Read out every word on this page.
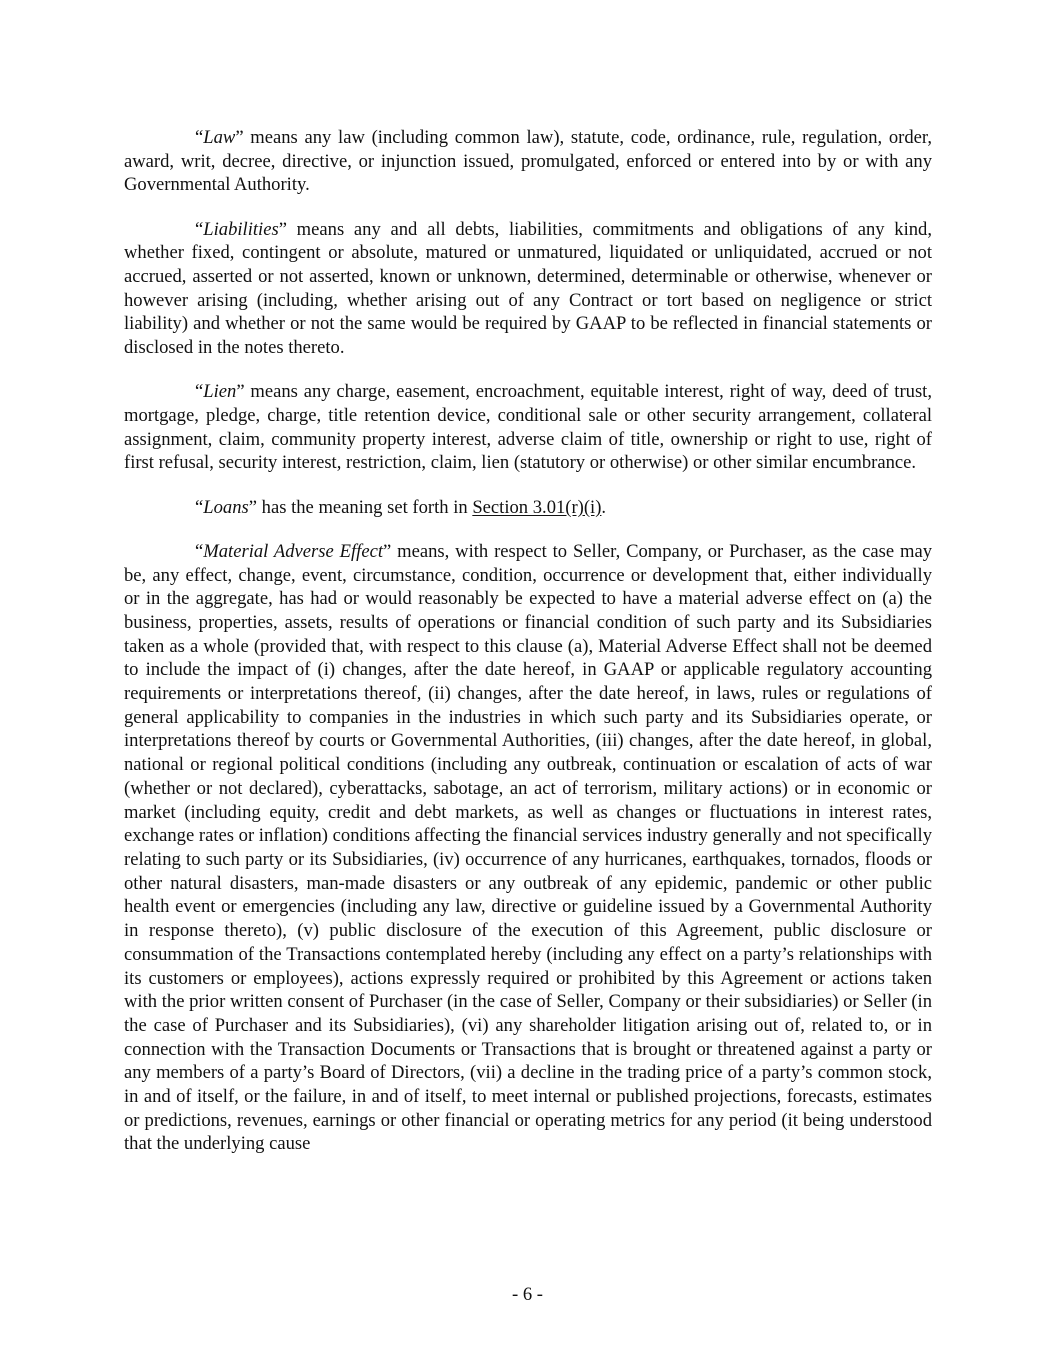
“Law” means any law (including common law), statute, code, ordinance, rule, regulation, order, award, writ, decree, directive, or injunction issued, promulgated, enforced or entered into by or with any Governmental Authority.

“Liabilities” means any and all debts, liabilities, commitments and obligations of any kind, whether fixed, contingent or absolute, matured or unmatured, liquidated or unliquidated, accrued or not accrued, asserted or not asserted, known or unknown, determined, determinable or otherwise, whenever or however arising (including, whether arising out of any Contract or tort based on negligence or strict liability) and whether or not the same would be required by GAAP to be reflected in financial statements or disclosed in the notes thereto.

“Lien” means any charge, easement, encroachment, equitable interest, right of way, deed of trust, mortgage, pledge, charge, title retention device, conditional sale or other security arrangement, collateral assignment, claim, community property interest, adverse claim of title, ownership or right to use, right of first refusal, security interest, restriction, claim, lien (statutory or otherwise) or other similar encumbrance.

“Loans” has the meaning set forth in Section 3.01(r)(i).

“Material Adverse Effect” means, with respect to Seller, Company, or Purchaser, as the case may be, any effect, change, event, circumstance, condition, occurrence or development that, either individually or in the aggregate, has had or would reasonably be expected to have a material adverse effect on (a) the business, properties, assets, results of operations or financial condition of such party and its Subsidiaries taken as a whole (provided that, with respect to this clause (a), Material Adverse Effect shall not be deemed to include the impact of (i) changes, after the date hereof, in GAAP or applicable regulatory accounting requirements or interpretations thereof, (ii) changes, after the date hereof, in laws, rules or regulations of general applicability to companies in the industries in which such party and its Subsidiaries operate, or interpretations thereof by courts or Governmental Authorities, (iii) changes, after the date hereof, in global, national or regional political conditions (including any outbreak, continuation or escalation of acts of war (whether or not declared), cyberattacks, sabotage, an act of terrorism, military actions) or in economic or market (including equity, credit and debt markets, as well as changes or fluctuations in interest rates, exchange rates or inflation) conditions affecting the financial services industry generally and not specifically relating to such party or its Subsidiaries, (iv) occurrence of any hurricanes, earthquakes, tornados, floods or other natural disasters, man-made disasters or any outbreak of any epidemic, pandemic or other public health event or emergencies (including any law, directive or guideline issued by a Governmental Authority in response thereto), (v) public disclosure of the execution of this Agreement, public disclosure or consummation of the Transactions contemplated hereby (including any effect on a party’s relationships with its customers or employees), actions expressly required or prohibited by this Agreement or actions taken with the prior written consent of Purchaser (in the case of Seller, Company or their subsidiaries) or Seller (in the case of Purchaser and its Subsidiaries), (vi) any shareholder litigation arising out of, related to, or in connection with the Transaction Documents or Transactions that is brought or threatened against a party or any members of a party’s Board of Directors, (vii) a decline in the trading price of a party’s common stock, in and of itself, or the failure, in and of itself, to meet internal or published projections, forecasts, estimates or predictions, revenues, earnings or other financial or operating metrics for any period (it being understood that the underlying cause

- 6 -
